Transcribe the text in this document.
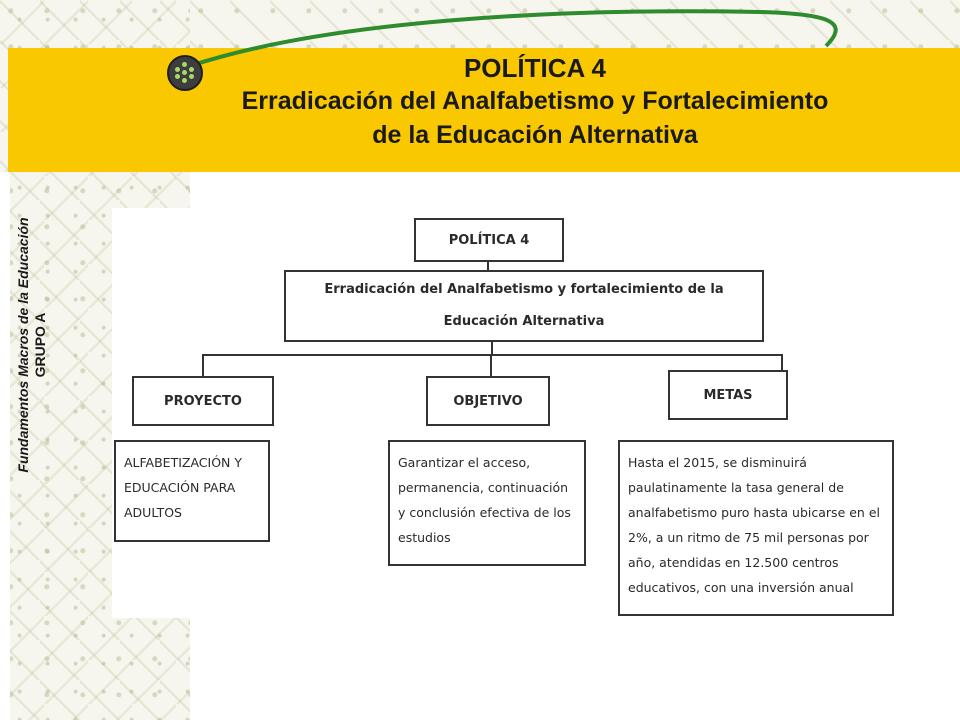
POLÍTICA 4
Erradicación del Analfabetismo y Fortalecimiento
de la Educación Alternativa
Fundamentos Macros de la Educación GRUPO A
POLÍTICA 4
Erradicación del Analfabetismo y fortalecimiento de la Educación Alternativa
PROYECTO	OBJETIVO	METAS
ALFABETIZACIÓN Y EDUCACIÓN PARA ADULTOS
Garantizar el acceso, permanencia, continuación y conclusión efectiva de los estudios
Hasta el 2015, se disminuirá paulatinamente la tasa general de analfabetismo puro hasta ubicarse en el 2%, a un ritmo de 75 mil personas por año, atendidas en 12.500 centros educativos, con una inversión anual
